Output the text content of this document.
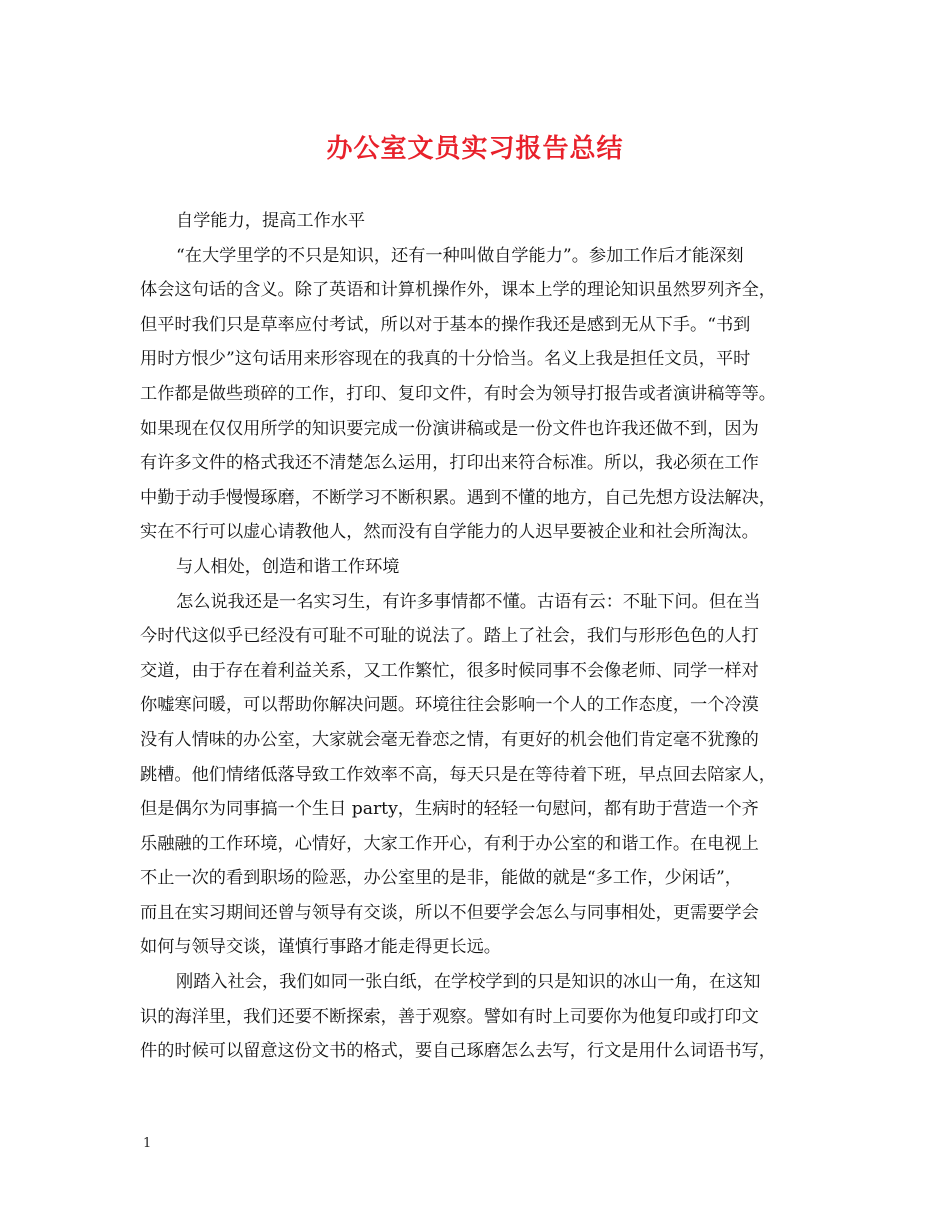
办公室文员实习报告总结
自学能力，提高工作水平
“在大学里学的不只是知识，还有一种叫做自学能力”。参加工作后才能深刻
体会这句话的含义。除了英语和计算机操作外，课本上学的理论知识虽然罗列齐全，
但平时我们只是草率应付考试，所以对于基本的操作我还是感到无从下手。“书到
用时方恨少”这句话用来形容现在的我真的十分恰当。名义上我是担任文员，平时
工作都是做些琐碎的工作，打印、复印文件，有时会为领导打报告或者演讲稿等等。
如果现在仅仅用所学的知识要完成一份演讲稿或是一份文件也许我还做不到，因为
有许多文件的格式我还不清楚怎么运用，打印出来符合标准。所以，我必须在工作
中勤于动手慢慢琢磨，不断学习不断积累。遇到不懂的地方，自己先想方设法解决，
实在不行可以虚心请教他人，然而没有自学能力的人迟早要被企业和社会所淘汰。
与人相处，创造和谐工作环境
怎么说我还是一名实习生，有许多事情都不懂。古语有云：不耻下问。但在当
今时代这似乎已经没有可耻不可耻的说法了。踏上了社会，我们与形形色色的人打
交道，由于存在着利益关系，又工作繁忙，很多时候同事不会像老师、同学一样对
你嘘寒问暖，可以帮助你解决问题。环境往往会影响一个人的工作态度，一个冷漠
没有人情味的办公室，大家就会毫无眷恋之情，有更好的机会他们肯定毫不犹豫的
跳槽。他们情绪低落导致工作效率不高，每天只是在等待着下班，早点回去陪家人，
但是偶尔为同事搞一个生日 party，生病时的轻轻一句慰问，都有助于营造一个齐
乐融融的工作环境，心情好，大家工作开心，有利于办公室的和谐工作。在电视上
不止一次的看到职场的险恶，办公室里的是非，能做的就是“多工作，少闲话”，
而且在实习期间还曾与领导有交谈，所以不但要学会怎么与同事相处，更需要学会
如何与领导交谈，谨慎行事路才能走得更长远。
刚踏入社会，我们如同一张白纸，在学校学到的只是知识的冰山一角，在这知
识的海洋里，我们还要不断探索，善于观察。譬如有时上司要你为他复印或打印文
件的时候可以留意这份文书的格式，要自己琢磨怎么去写，行文是用什么词语书写，
1
